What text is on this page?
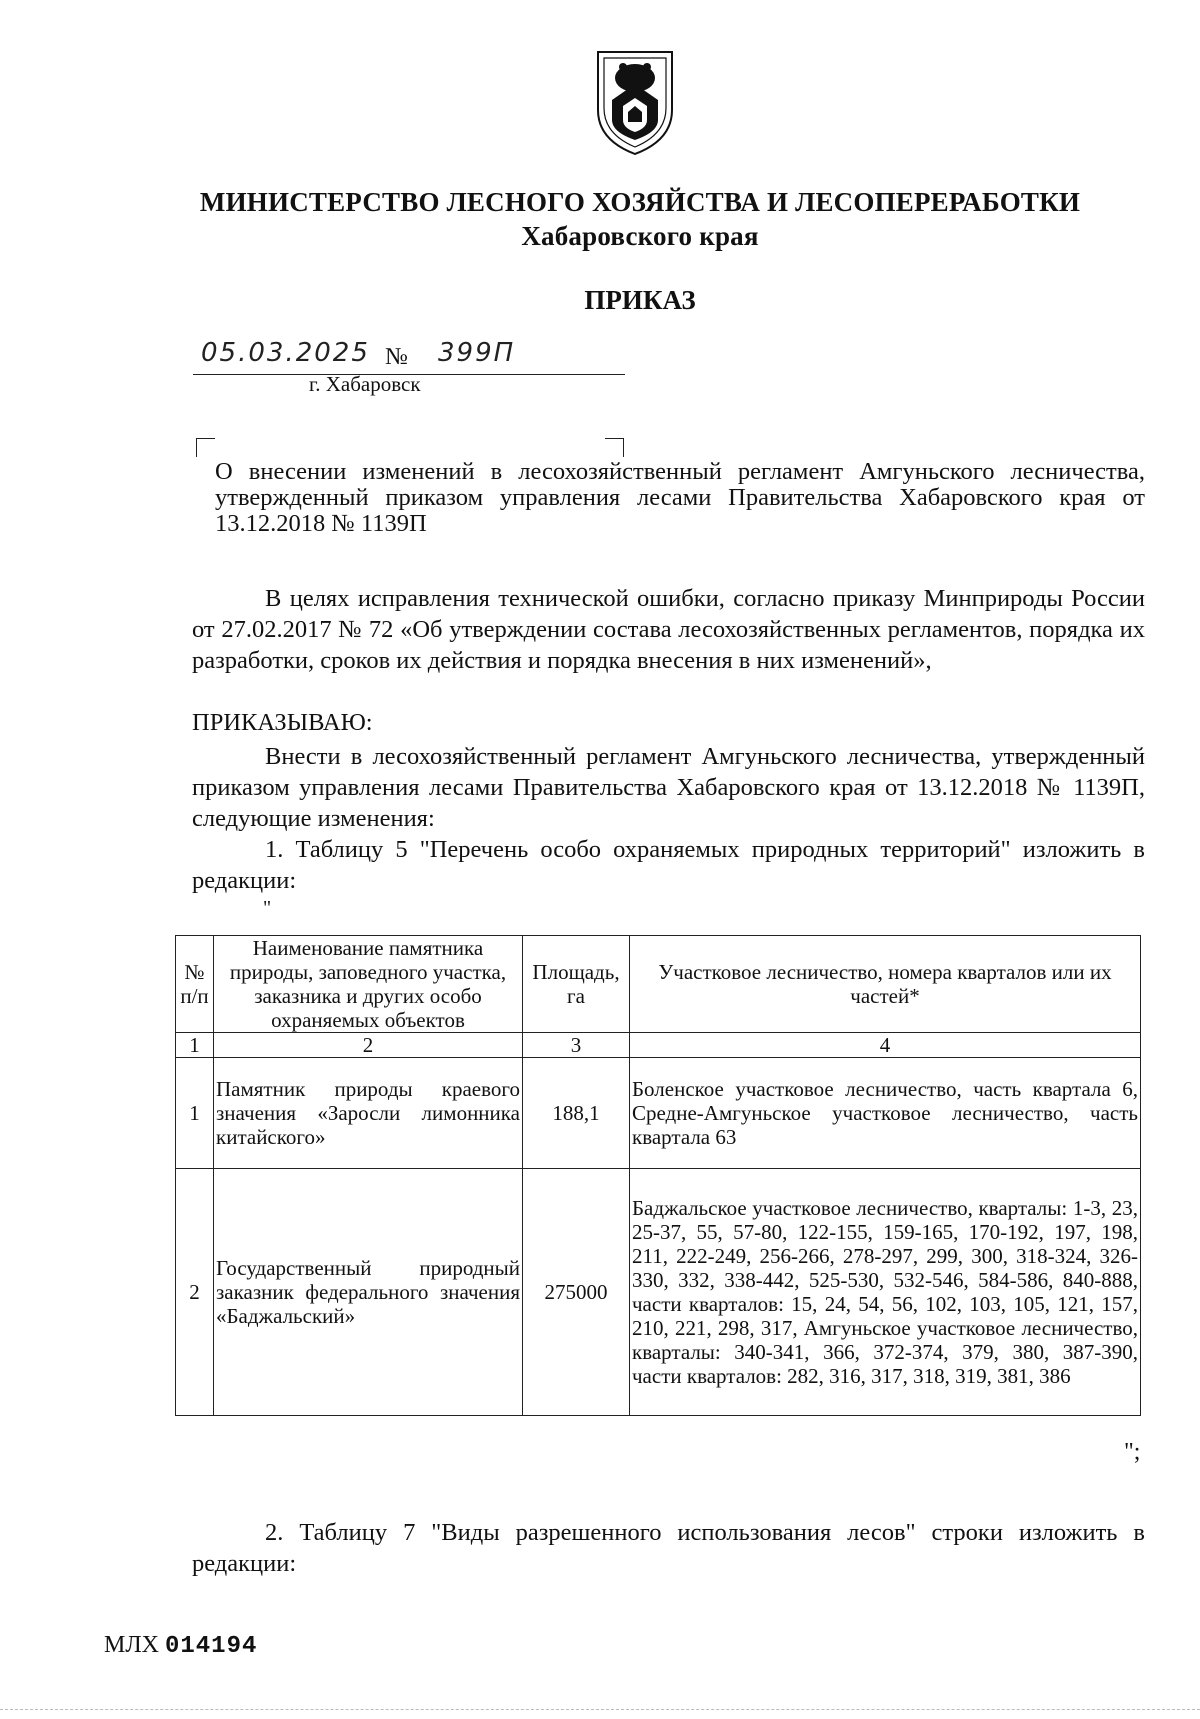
МИНИСТЕРСТВО ЛЕСНОГО ХОЗЯЙСТВА И ЛЕСОПЕРЕРАБОТКИ
Хабаровского края
ПРИКАЗ
05.03.2025 № 399П
г. Хабаровск
О внесении изменений в лесохозяйственный регламент Амгуньского лесничества, утвержденный приказом управления лесами Правительства Хабаровского края от 13.12.2018 № 1139П
В целях исправления технической ошибки, согласно приказу Минприроды России от 27.02.2017 № 72 «Об утверждении состава лесохозяйственных регламентов, порядка их разработки, сроков их действия и порядка внесения в них изменений»,
ПРИКАЗЫВАЮ:
Внести в лесохозяйственный регламент Амгуньского лесничества, утвержденный приказом управления лесами Правительства Хабаровского края от 13.12.2018 № 1139П, следующие изменения:
1. Таблицу 5 "Перечень особо охраняемых природных территорий" изложить в редакции:
"
№ п/п	Наименование памятника природы, заповедного участка, заказника и других особо охраняемых объектов	Площадь, га	Участковое лесничество, номера кварталов или их частей*
1	2	3	4
1	Памятник природы краевого значения «Заросли лимонника китайского»	188,1	Боленское участковое лесничество, часть квартала 6, Средне-Амгуньское участковое лесничество, часть квартала 63
2	Государственный природный заказник федерального значения «Баджальский»	275000	Баджальское участковое лесничество, кварталы: 1-3, 23, 25-37, 55, 57-80, 122-155, 159-165, 170-192, 197, 198, 211, 222-249, 256-266, 278-297, 299, 300, 318-324, 326-330, 332, 338-442, 525-530, 532-546, 584-586, 840-888, части кварталов: 15, 24, 54, 56, 102, 103, 105, 121, 157, 210, 221, 298, 317, Амгуньское участковое лесничество, кварталы: 340-341, 366, 372-374, 379, 380, 387-390, части кварталов: 282, 316, 317, 318, 319, 381, 386
";
2. Таблицу 7 "Виды разрешенного использования лесов" строки изложить в редакции:
МЛХ 014194
